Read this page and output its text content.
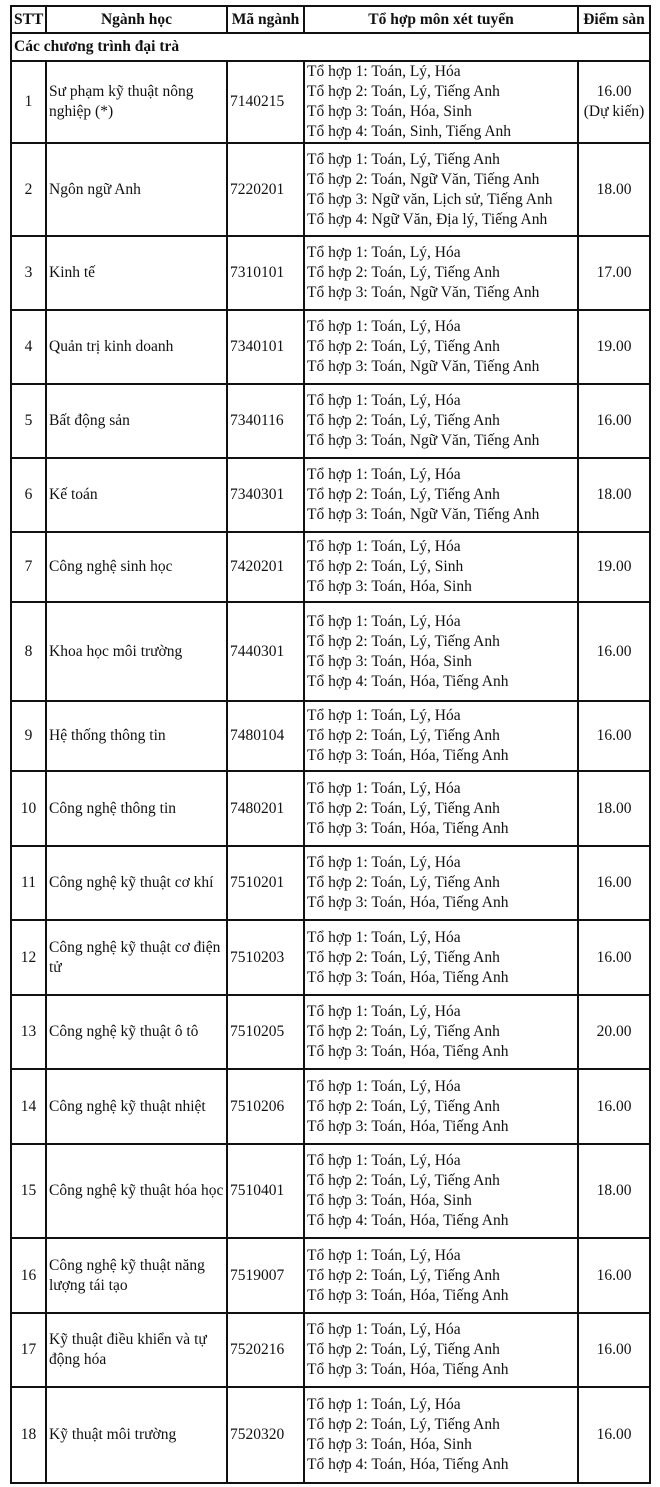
STT	Ngành học	Mã ngành	Tổ hợp môn xét tuyển	Điểm sàn
Các chương trình đại trà				
1	Sư phạm kỹ thuật nông nghiệp (*)	7140215	Tổ hợp 1: Toán, Lý, Hóa
Tổ hợp 2: Toán, Lý, Tiếng Anh
Tổ hợp 3: Toán, Hóa, Sinh
Tổ hợp 4: Toán, Sinh, Tiếng Anh	16.00
(Dự kiến)

2	Ngôn ngữ Anh	7220201	Tổ hợp 1: Toán, Lý, Tiếng Anh
Tổ hợp 2: Toán, Ngữ Văn, Tiếng Anh
Tổ hợp 3: Ngữ văn, Lịch sử, Tiếng Anh
Tổ hợp 4: Ngữ Văn, Địa lý, Tiếng Anh	18.00
3	Kinh tế	7310101	Tổ hợp 1: Toán, Lý, Hóa
Tổ hợp 2: Toán, Lý, Tiếng Anh
Tổ hợp 3: Toán, Ngữ Văn, Tiếng Anh	17.00
4	Quản trị kinh doanh	7340101	Tổ hợp 1: Toán, Lý, Hóa
Tổ hợp 2: Toán, Lý, Tiếng Anh
Tổ hợp 3: Toán, Ngữ Văn, Tiếng Anh	19.00
5	Bất động sản	7340116	Tổ hợp 1: Toán, Lý, Hóa
Tổ hợp 2: Toán, Lý, Tiếng Anh
Tổ hợp 3: Toán, Ngữ Văn, Tiếng Anh	16.00
6	Kế toán	7340301	Tổ hợp 1: Toán, Lý, Hóa
Tổ hợp 2: Toán, Lý, Tiếng Anh
Tổ hợp 3: Toán, Ngữ Văn, Tiếng Anh	18.00
7	Công nghệ sinh học	7420201	Tổ hợp 1: Toán, Lý, Hóa
Tổ hợp 2: Toán, Lý, Sinh
Tổ hợp 3: Toán, Hóa, Sinh	19.00
8	Khoa học môi trường	7440301	Tổ hợp 1: Toán, Lý, Hóa
Tổ hợp 2: Toán, Lý, Tiếng Anh
Tổ hợp 3: Toán, Hóa, Sinh
Tổ hợp 4: Toán, Hóa, Tiếng Anh	16.00
9	Hệ thống thông tin	7480104	Tổ hợp 1: Toán, Lý, Hóa
Tổ hợp 2: Toán, Lý, Tiếng Anh
Tổ hợp 3: Toán, Hóa, Tiếng Anh	16.00
10	Công nghệ thông tin	7480201	Tổ hợp 1: Toán, Lý, Hóa
Tổ hợp 2: Toán, Lý, Tiếng Anh
Tổ hợp 3: Toán, Hóa, Tiếng Anh	18.00
11	Công nghệ kỹ thuật cơ khí	7510201	Tổ hợp 1: Toán, Lý, Hóa
Tổ hợp 2: Toán, Lý, Tiếng Anh
Tổ hợp 3: Toán, Hóa, Tiếng Anh	16.00
12	Công nghệ kỹ thuật cơ điện tử	7510203	Tổ hợp 1: Toán, Lý, Hóa
Tổ hợp 2: Toán, Lý, Tiếng Anh
Tổ hợp 3: Toán, Hóa, Tiếng Anh	16.00
13	Công nghệ kỹ thuật ô tô	7510205	Tổ hợp 1: Toán, Lý, Hóa
Tổ hợp 2: Toán, Lý, Tiếng Anh
Tổ hợp 3: Toán, Hóa, Tiếng Anh	20.00
14	Công nghệ kỹ thuật nhiệt	7510206	Tổ hợp 1: Toán, Lý, Hóa
Tổ hợp 2: Toán, Lý, Tiếng Anh
Tổ hợp 3: Toán, Hóa, Tiếng Anh	16.00
15	Công nghệ kỹ thuật hóa học	7510401	Tổ hợp 1: Toán, Lý, Hóa
Tổ hợp 2: Toán, Lý, Tiếng Anh
Tổ hợp 3: Toán, Hóa, Sinh
Tổ hợp 4: Toán, Hóa, Tiếng Anh	18.00
16	Công nghệ kỹ thuật năng lượng tái tạo	7519007	Tổ hợp 1: Toán, Lý, Hóa
Tổ hợp 2: Toán, Lý, Tiếng Anh
Tổ hợp 3: Toán, Hóa, Tiếng Anh	16.00
17	Kỹ thuật điều khiển và tự động hóa	7520216	Tổ hợp 1: Toán, Lý, Hóa
Tổ hợp 2: Toán, Lý, Tiếng Anh
Tổ hợp 3: Toán, Hóa, Tiếng Anh	16.00
18	Kỹ thuật môi trường	7520320	Tổ hợp 1: Toán, Lý, Hóa
Tổ hợp 2: Toán, Lý, Tiếng Anh
Tổ hợp 3: Toán, Hóa, Sinh
Tổ hợp 4: Toán, Hóa, Tiếng Anh	16.00
